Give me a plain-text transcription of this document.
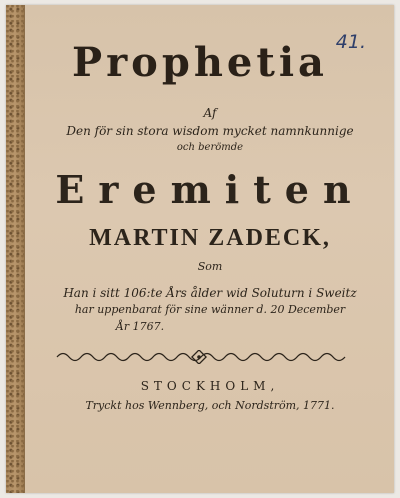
41.
Prophetia
Af
Den för sin stora wisdom mycket namnkunnige
och berömde
Eremiten
MARTIN ZADECK,
Som
Han i sitt 106:te Års ålder wid Soluturn i Sweitz
har uppenbarat för sine wänner d. 20 December
År 1767.
STOCKHOLM,
Tryckt hos Wennberg, och Nordström, 1771.
